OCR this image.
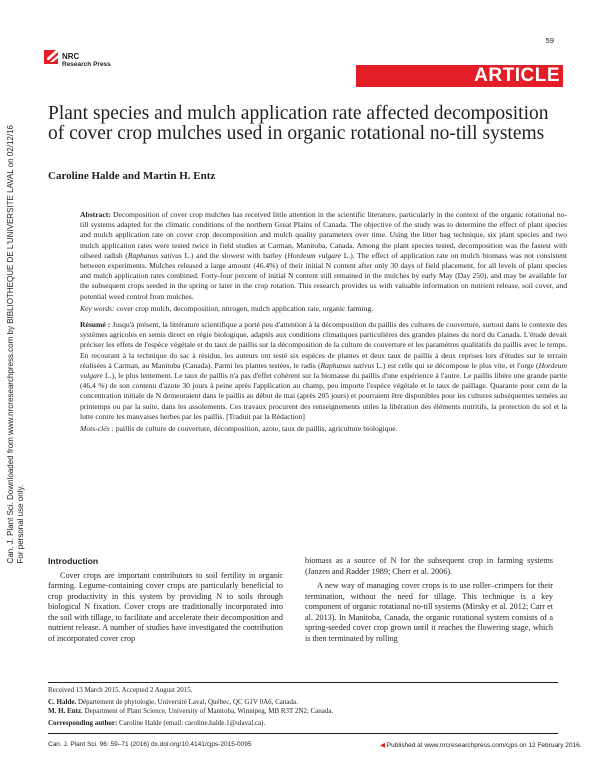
Can. J. Plant Sci. Downloaded from www.nrcresearchpress.com by BIBLIOTHEQUE DE L'UNIVERSITE LAVAL on 02/12/16 For personal use only.
NRC
Research Press
59
ARTICLE
Plant species and mulch application rate affected decomposition of cover crop mulches used in organic rotational no-till systems
Caroline Halde and Martin H. Entz

Abstract: Decomposition of cover crop mulches has received little attention in the scientific literature, particularly in the context of the organic rotational no-till systems adapted for the climatic conditions of the northern Great Plains of Canada. The objective of the study was to determine the effect of plant species and mulch application rate on cover crop decomposition and mulch quality parameters over time. Using the litter bag technique, six plant species and two mulch application rates were tested twice in field studies at Carman, Manitoba, Canada. Among the plant species tested, decomposition was the fastest with oilseed radish (Raphanus sativus L.) and the slowest with barley (Hordeum vulgare L.). The effect of application rate on mulch biomass was not consistent between experiments. Mulches released a large amount (46.4%) of their initial N content after only 30 days of field placement, for all levels of plant species and mulch application rates combined. Forty-four percent of initial N content still remained in the mulches by early May (Day 250), and may be available for the subsequent crops seeded in the spring or later in the crop rotation. This research provides us with valuable information on nutrient release, soil cover, and potential weed control from mulches.

Key words: cover crop mulch, decomposition, nitrogen, mulch application rate, organic farming.

Résumé : Jusqu'à présent, la littérature scientifique a porté peu d'attention à la décomposition du paillis des cultures de couverture, surtout dans le contexte des systèmes agricoles en semis direct en régie biologique, adaptés aux conditions climatiques particulières des grandes plaines du nord du Canada. L'étude devait préciser les effets de l'espèce végétale et du taux de paillis sur la décomposition de la culture de couverture et les paramètres qualitatifs du paillis avec le temps. En recourant à la technique du sac à résidus, les auteurs ont testé six espèces de plantes et deux taux de paillis à deux reprises lors d'études sur le terrain réalisées à Carman, au Manitoba (Canada). Parmi les plantes testées, le radis (Raphanus sativus L.) est celle qui se décompose le plus vite, et l'orge (Hordeum vulgare L.), le plus lentement. Le taux de paillis n'a pas d'effet cohérent sur la biomasse du paillis d'une expérience à l'autre. Le paillis libère une grande partie (46,4 %) de son contenu d'azote 30 jours à peine après l'application au champ, peu importe l'espèce végétale et le taux de paillage. Quarante pour cent de la concentration initiale de N demeuraient dans le paillis au début de mai (après 205 jours) et pourraient être disponibles pour les cultures subséquentes semées au printemps ou par la suite, dans les assolements. Ces travaux procurent des renseignements utiles la libération des éléments nutritifs, la protection du sol et la lutte contre les mauvaises herbes par les paillis. [Traduit par la Rédaction]

Mots-clés : paillis de culture de couverture, décomposition, azote, taux de paillis, agriculture biologique.

Introduction

Cover crops are important contributors to soil fertility in organic farming. Legume-containing cover crops are particularly beneficial to crop productivity in this system by providing N to soils through biological N fixation. Cover crops are traditionally incorporated into the soil with tillage, to facilitate and accelerate their decomposition and nutrient release. A number of studies have investigated the contribution of incorporated cover crop

biomass as a source of N for the subsequent crop in farming systems (Janzen and Radder 1989; Cherr et al. 2006).

A new way of managing cover crops is to use roller–crimpers for their termination, without the need for tillage. This technique is a key component of organic rotational no-till systems (Mirsky et al. 2012; Carr et al. 2013). In Manitoba, Canada, the organic rotational system consists of a spring-seeded cover crop grown until it reaches the flowering stage, which is then terminated by rolling

Received 13 March 2015. Accepted 2 August 2015.
C. Halde. Département de phytologie, Université Laval, Québec, QC G1V 0A6, Canada.
M. H. Entz. Department of Plant Science, University of Manitoba, Winnipeg, MB R3T 2N2, Canada.
Corresponding author: Caroline Halde (email: caroline.halde.1@ulaval.ca).
Can. J. Plant Sci. 96: 59–71 (2016) dx.doi.org/10.4141/cjps-2015-0095	◀ Published at www.nrcresearchpress.com/cjps on 12 February 2016.
